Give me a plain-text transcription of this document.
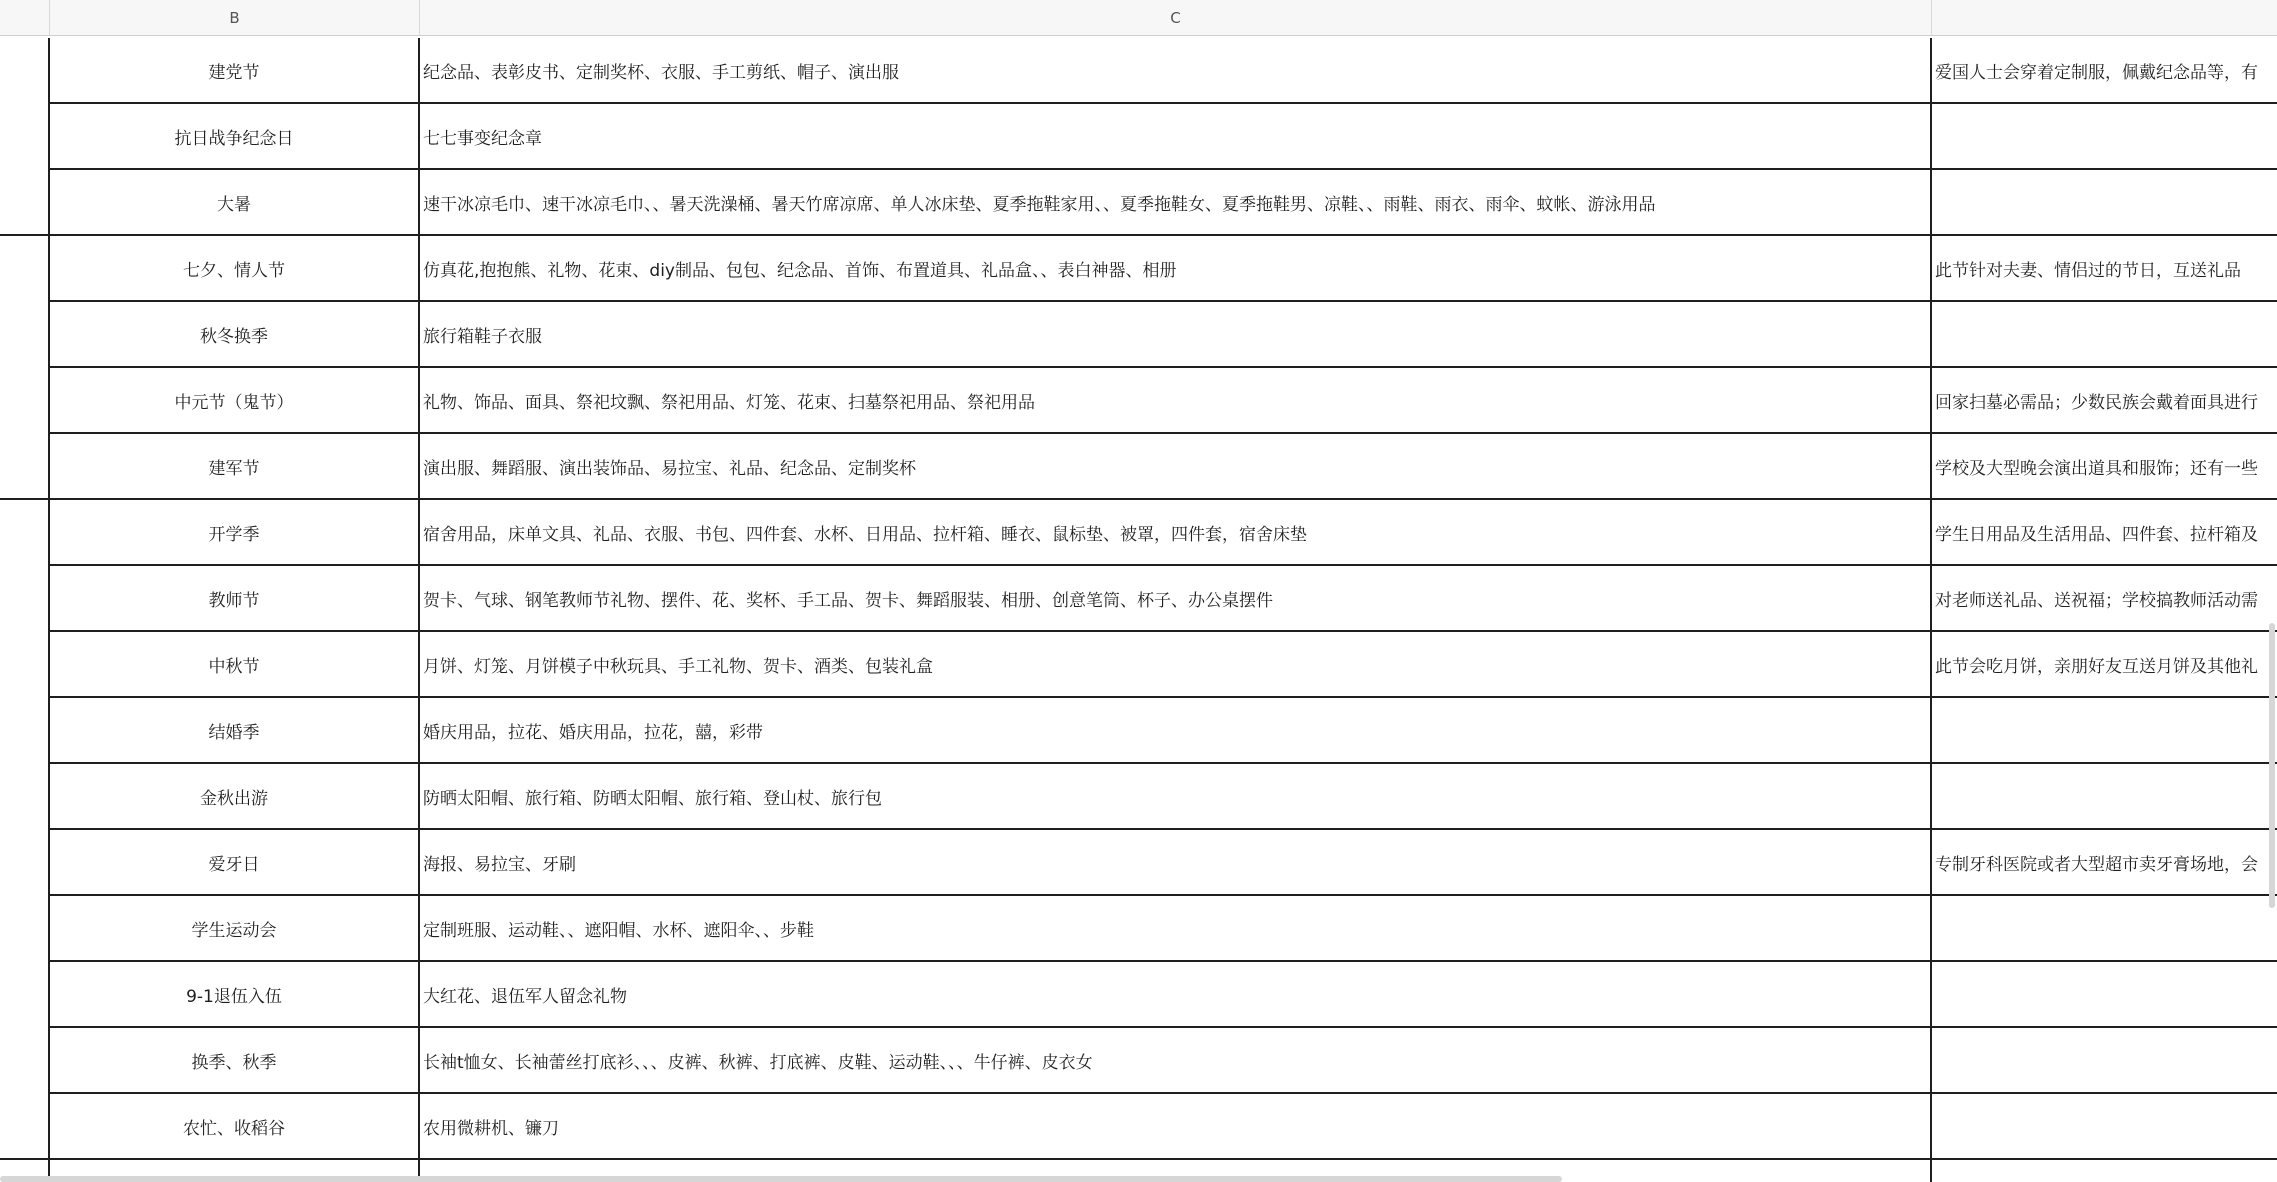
B	C
建党节	纪念品、表彰皮书、定制奖杯、衣服、手工剪纸、帽子、演出服	爱国人士会穿着定制服，佩戴纪念品等，有
抗日战争纪念日	七七事变纪念章
大暑	速干冰凉毛巾、速干冰凉毛巾、、暑天洗澡桶、暑天竹席凉席、单人冰床垫、夏季拖鞋家用、、夏季拖鞋女、夏季拖鞋男、凉鞋、、雨鞋、雨衣、雨伞、蚊帐、游泳用品
七夕、情人节	仿真花,抱抱熊、礼物、花束、diy制品、包包、纪念品、首饰、布置道具、礼品盒、、表白神器、相册	此节针对夫妻、情侣过的节日，互送礼品
秋冬换季	旅行箱鞋子衣服
中元节（鬼节）	礼物、饰品、面具、祭祀坟飘、祭祀用品、灯笼、花束、扫墓祭祀用品、祭祀用品	回家扫墓必需品；少数民族会戴着面具进行
建军节	演出服、舞蹈服、演出装饰品、易拉宝、礼品、纪念品、定制奖杯	学校及大型晚会演出道具和服饰；还有一些
开学季	宿舍用品，床单文具、礼品、衣服、书包、四件套、水杯、日用品、拉杆箱、睡衣、鼠标垫、被罩，四件套，宿舍床垫	学生日用品及生活用品、四件套、拉杆箱及
教师节	贺卡、气球、钢笔教师节礼物、摆件、花、奖杯、手工品、贺卡、舞蹈服装、相册、创意笔筒、杯子、办公桌摆件	对老师送礼品、送祝福；学校搞教师活动需
中秋节	月饼、灯笼、月饼模子中秋玩具、手工礼物、贺卡、酒类、包装礼盒	此节会吃月饼，亲朋好友互送月饼及其他礼
结婚季	婚庆用品，拉花、婚庆用品，拉花，囍，彩带
金秋出游	防晒太阳帽、旅行箱、防晒太阳帽、旅行箱、登山杖、旅行包
爱牙日	海报、易拉宝、牙刷	专制牙科医院或者大型超市卖牙膏场地，会
学生运动会	定制班服、运动鞋、、遮阳帽、水杯、遮阳伞、、步鞋
9-1退伍入伍	大红花、退伍军人留念礼物
换季、秋季	长袖t恤女、长袖蕾丝打底衫、、、皮裤、秋裤、打底裤、皮鞋、运动鞋、、、牛仔裤、皮衣女
农忙、收稻谷	农用微耕机、镰刀
